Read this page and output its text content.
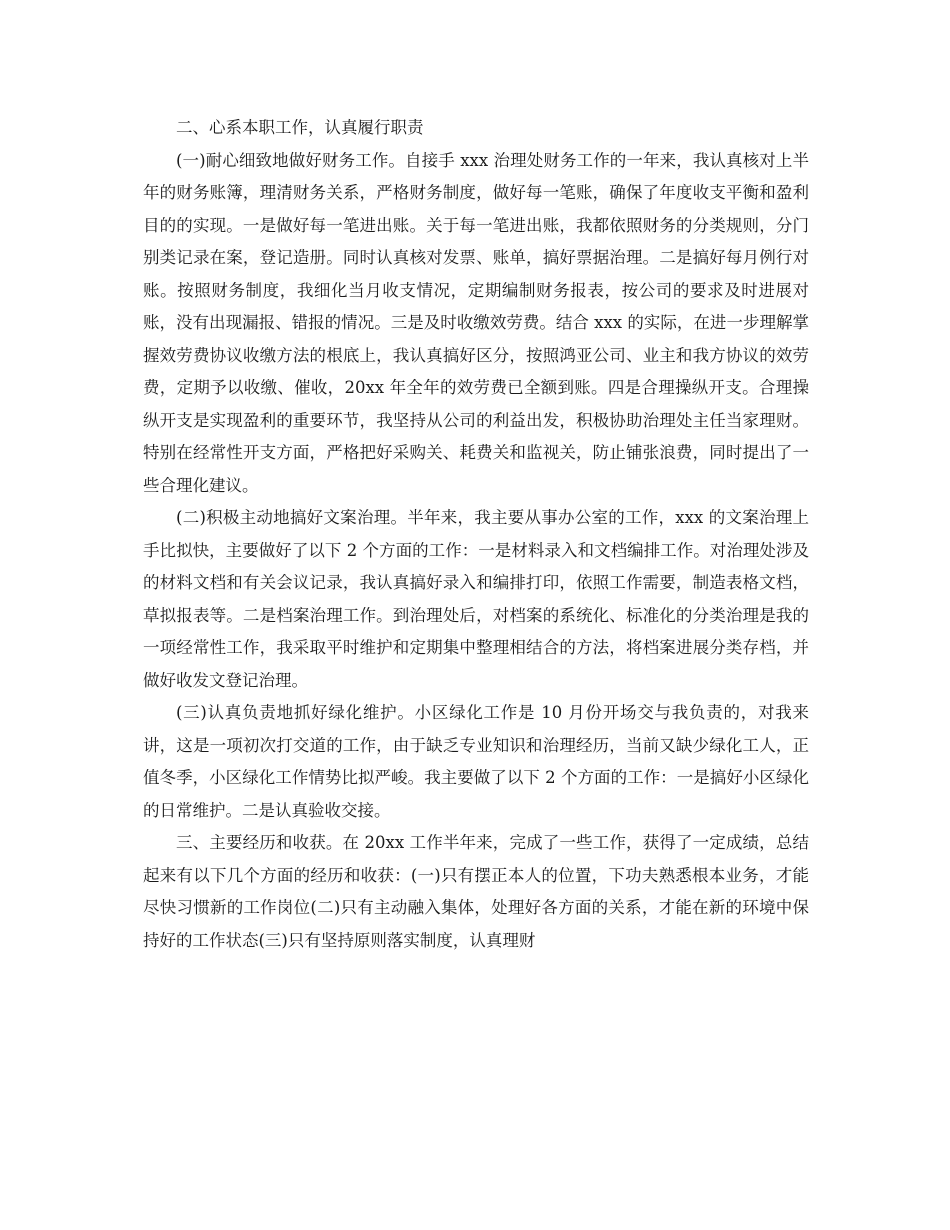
二、心系本职工作，认真履行职责

(一)耐心细致地做好财务工作。自接手 xxx 治理处财务工作的一年来，我认真核对上半年的财务账簿，理清财务关系，严格财务制度，做好每一笔账，确保了年度收支平衡和盈利目的的实现。一是做好每一笔进出账。关于每一笔进出账，我都依照财务的分类规则，分门别类记录在案，登记造册。同时认真核对发票、账单，搞好票据治理。二是搞好每月例行对账。按照财务制度，我细化当月收支情况，定期编制财务报表，按公司的要求及时进展对账，没有出现漏报、错报的情况。三是及时收缴效劳费。结合 xxx 的实际，在进一步理解掌握效劳费协议收缴方法的根底上，我认真搞好区分，按照鸿亚公司、业主和我方协议的效劳费，定期予以收缴、催收，20xx 年全年的效劳费已全额到账。四是合理操纵开支。合理操纵开支是实现盈利的重要环节，我坚持从公司的利益出发，积极协助治理处主任当家理财。特别在经常性开支方面，严格把好采购关、耗费关和监视关，防止铺张浪费，同时提出了一些合理化建议。

(二)积极主动地搞好文案治理。半年来，我主要从事办公室的工作，xxx 的文案治理上手比拟快，主要做好了以下 2 个方面的工作：一是材料录入和文档编排工作。对治理处涉及的材料文档和有关会议记录，我认真搞好录入和编排打印，依照工作需要，制造表格文档，草拟报表等。二是档案治理工作。到治理处后，对档案的系统化、标准化的分类治理是我的一项经常性工作，我采取平时维护和定期集中整理相结合的方法，将档案进展分类存档，并做好收发文登记治理。

(三)认真负责地抓好绿化维护。小区绿化工作是 10 月份开场交与我负责的，对我来讲，这是一项初次打交道的工作，由于缺乏专业知识和治理经历，当前又缺少绿化工人，正值冬季，小区绿化工作情势比拟严峻。我主要做了以下 2 个方面的工作：一是搞好小区绿化的日常维护。二是认真验收交接。

三、主要经历和收获。在 20xx 工作半年来，完成了一些工作，获得了一定成绩，总结起来有以下几个方面的经历和收获：(一)只有摆正本人的位置，下功夫熟悉根本业务，才能尽快习惯新的工作岗位(二)只有主动融入集体，处理好各方面的关系，才能在新的环境中保持好的工作状态(三)只有坚持原则落实制度，认真理财
